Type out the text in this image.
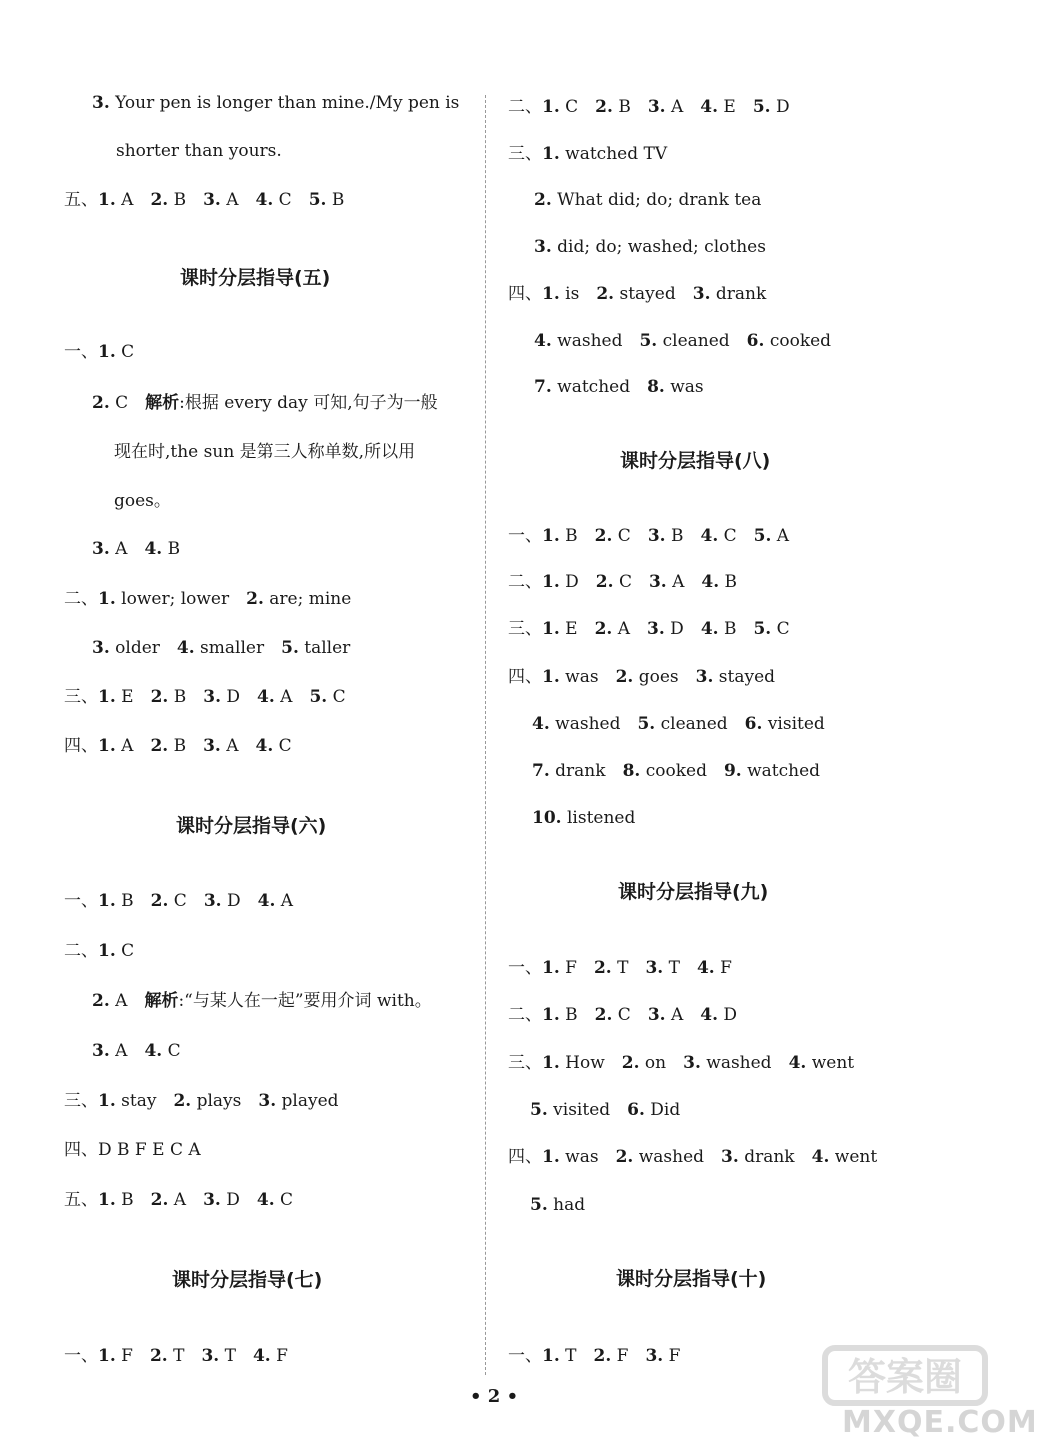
3. Your pen is longer than mine./My pen is
shorter than yours.
五、1. A　2. B　3. A　4. C　5. B
课时分层指导(五)
一、1. C
2. C　解析:根据 every day 可知,句子为一般
现在时,the sun 是第三人称单数,所以用
goes。
3. A　4. B
二、1. lower; lower　2. are; mine
3. older　4. smaller　5. taller
三、1. E　2. B　3. D　4. A　5. C
四、1. A　2. B　3. A　4. C
课时分层指导(六)
一、1. B　2. C　3. D　4. A
二、1. C
2. A　解析:“与某人在一起”要用介词 with。
3. A　4. C
三、1. stay　2. plays　3. played
四、D B F E C A
五、1. B　2. A　3. D　4. C
课时分层指导(七)
一、1. F　2. T　3. T　4. F
二、1. C　2. B　3. A　4. E　5. D
三、1. watched TV
2. What did; do; drank tea
3. did; do; washed; clothes
四、1. is　2. stayed　3. drank
4. washed　5. cleaned　6. cooked
7. watched　8. was
课时分层指导(八)
一、1. B　2. C　3. B　4. C　5. A
二、1. D　2. C　3. A　4. B
三、1. E　2. A　3. D　4. B　5. C
四、1. was　2. goes　3. stayed
4. washed　5. cleaned　6. visited
7. drank　8. cooked　9. watched
10. listened
课时分层指导(九)
一、1. F　2. T　3. T　4. F
二、1. B　2. C　3. A　4. D
三、1. How　2. on　3. washed　4. went
5. visited　6. Did
四、1. was　2. washed　3. drank　4. went
5. had
课时分层指导(十)
一、1. T　2. F　3. F
• 2 •	答案圈
MXQE.COM
